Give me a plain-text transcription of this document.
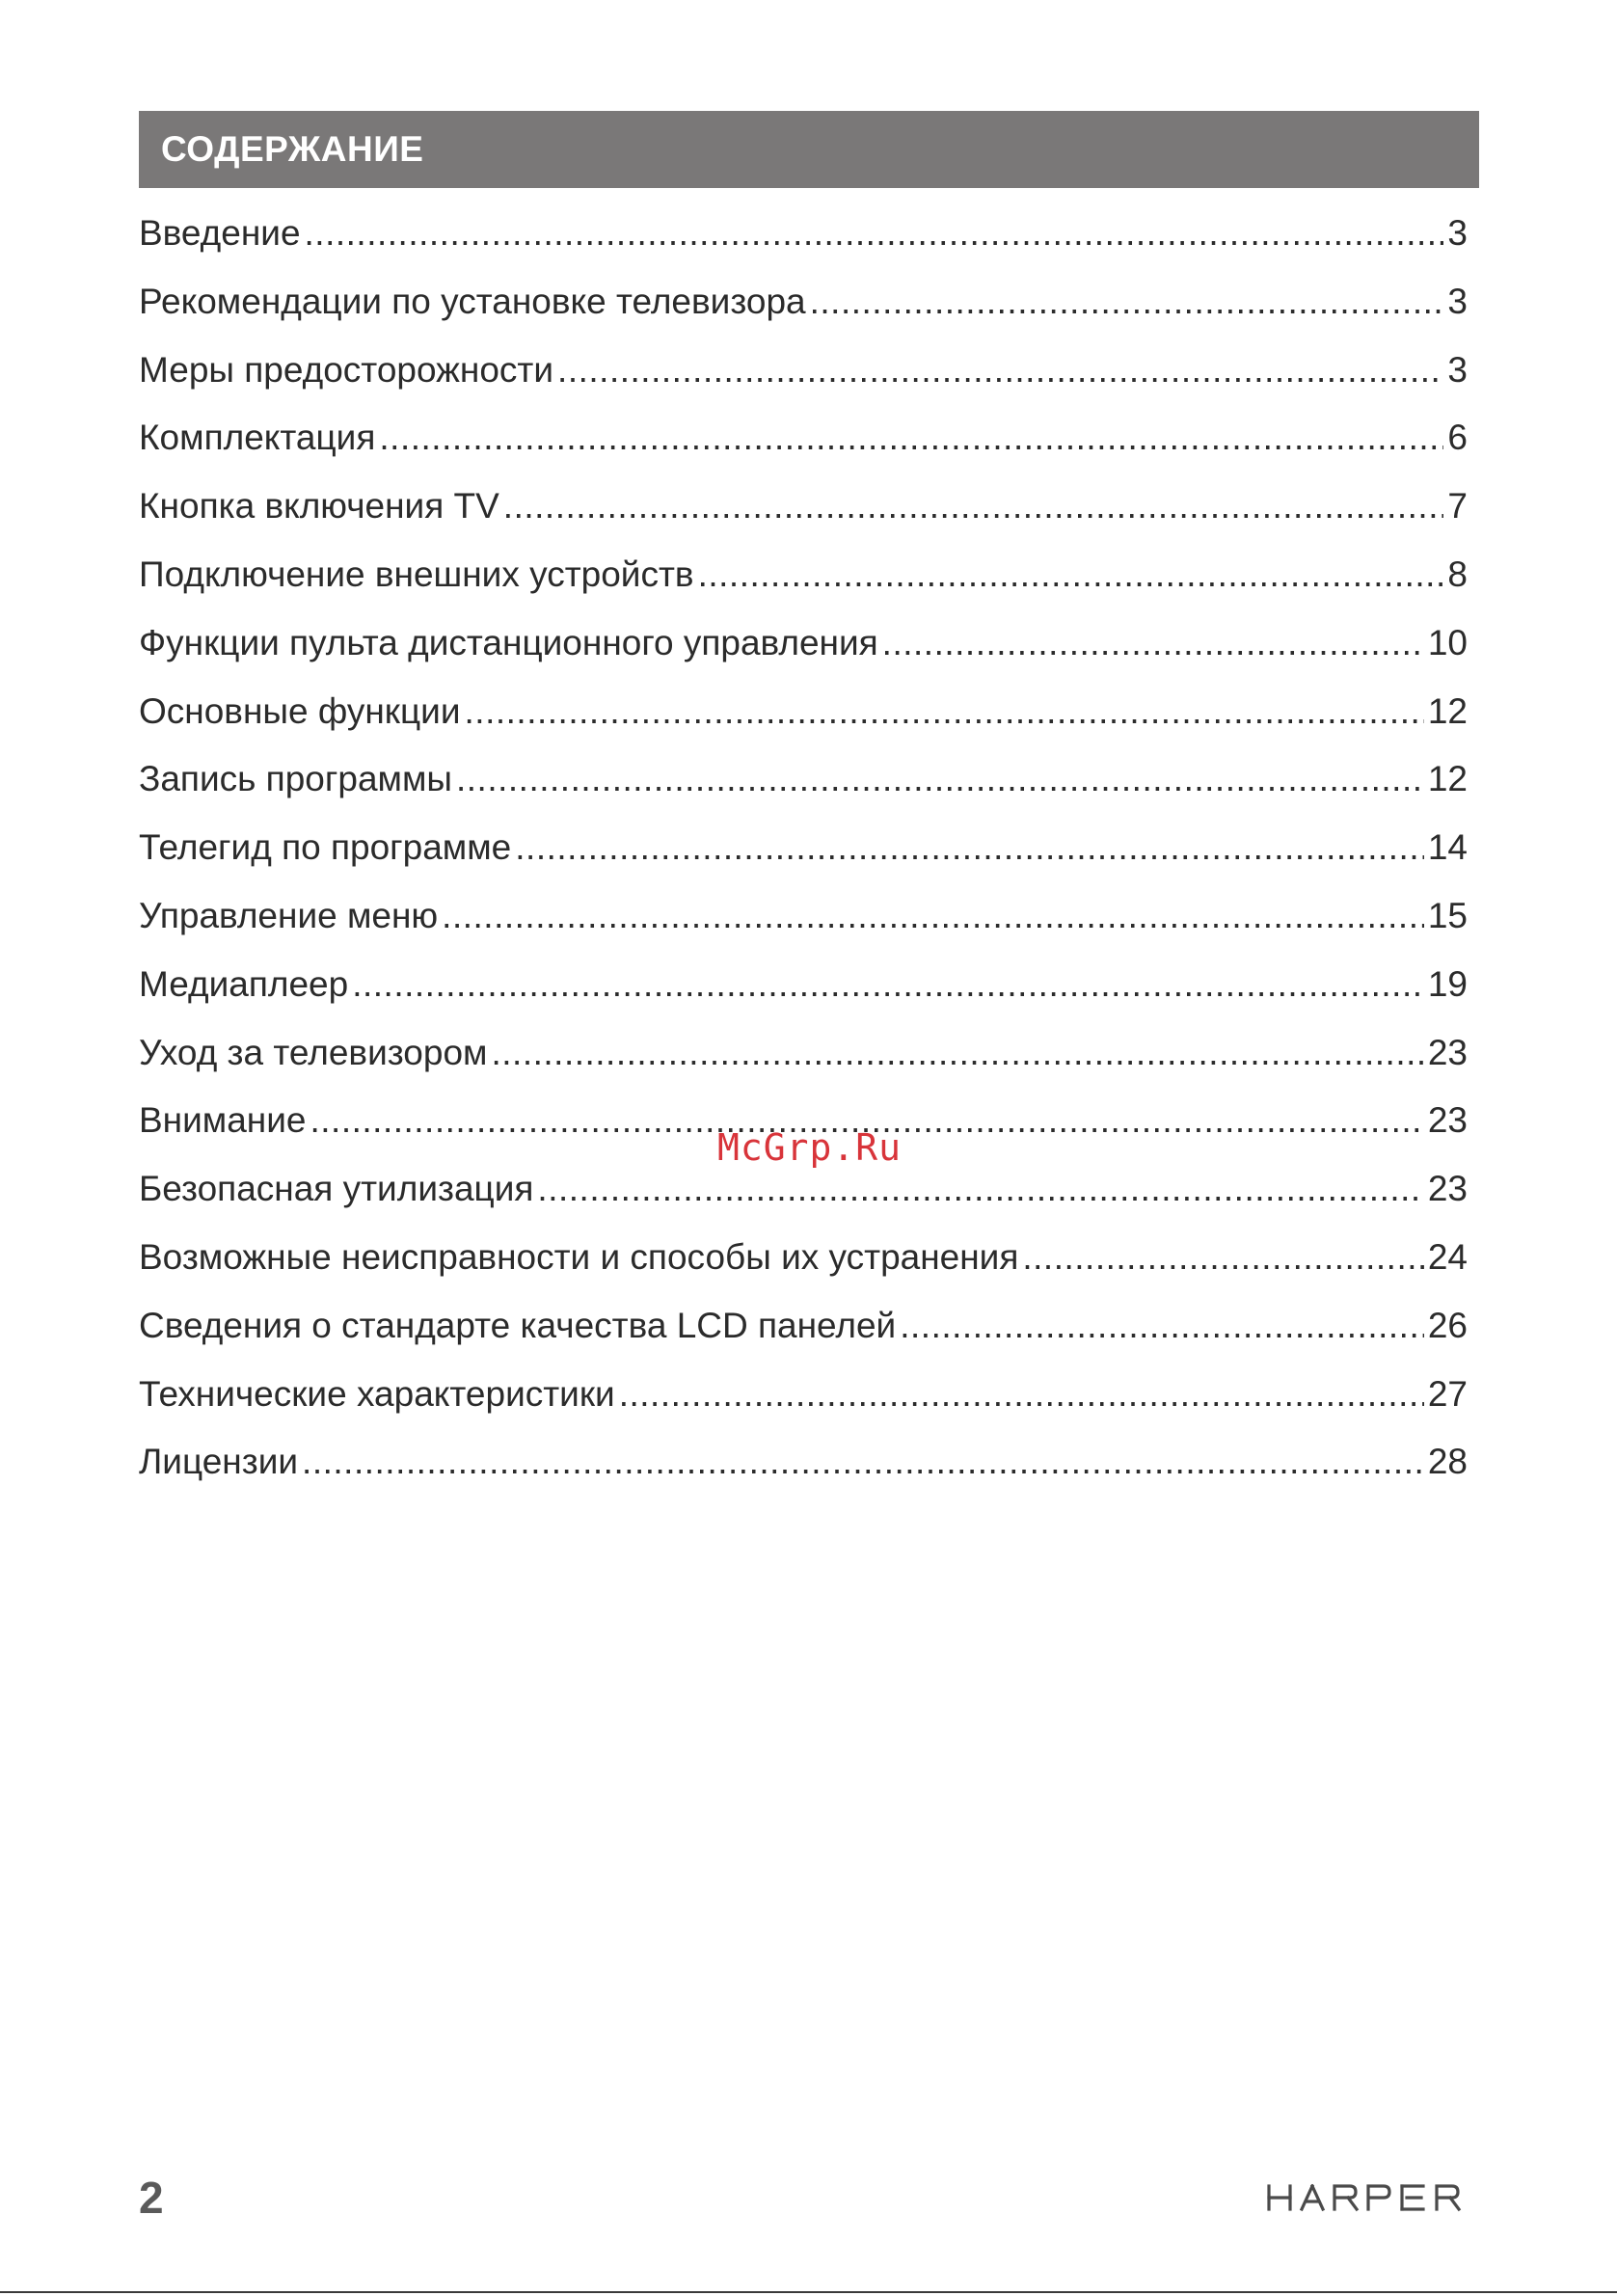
СОДЕРЖАНИЕ
Введение .....	3
Рекомендации по установке телевизора .....	3
Меры предосторожности .....	3
Комплектация .....	6
Кнопка включения TV .....	7
Подключение внешних устройств .....	8
Функции пульта дистанционного управления .....	10
Основные функции .....	12
Запись программы .....	12
Телегид по программе .....	14
Управление меню .....	15
Медиаплеер .....	19
Уход за телевизором .....	23
Внимание .....	23
Безопасная утилизация .....	23
Возможные неисправности и способы их устранения .....	24
Сведения о стандарте качества LCD панелей .....	26
Технические характеристики .....	27
Лицензии .....	28
McGrp.Ru
2
